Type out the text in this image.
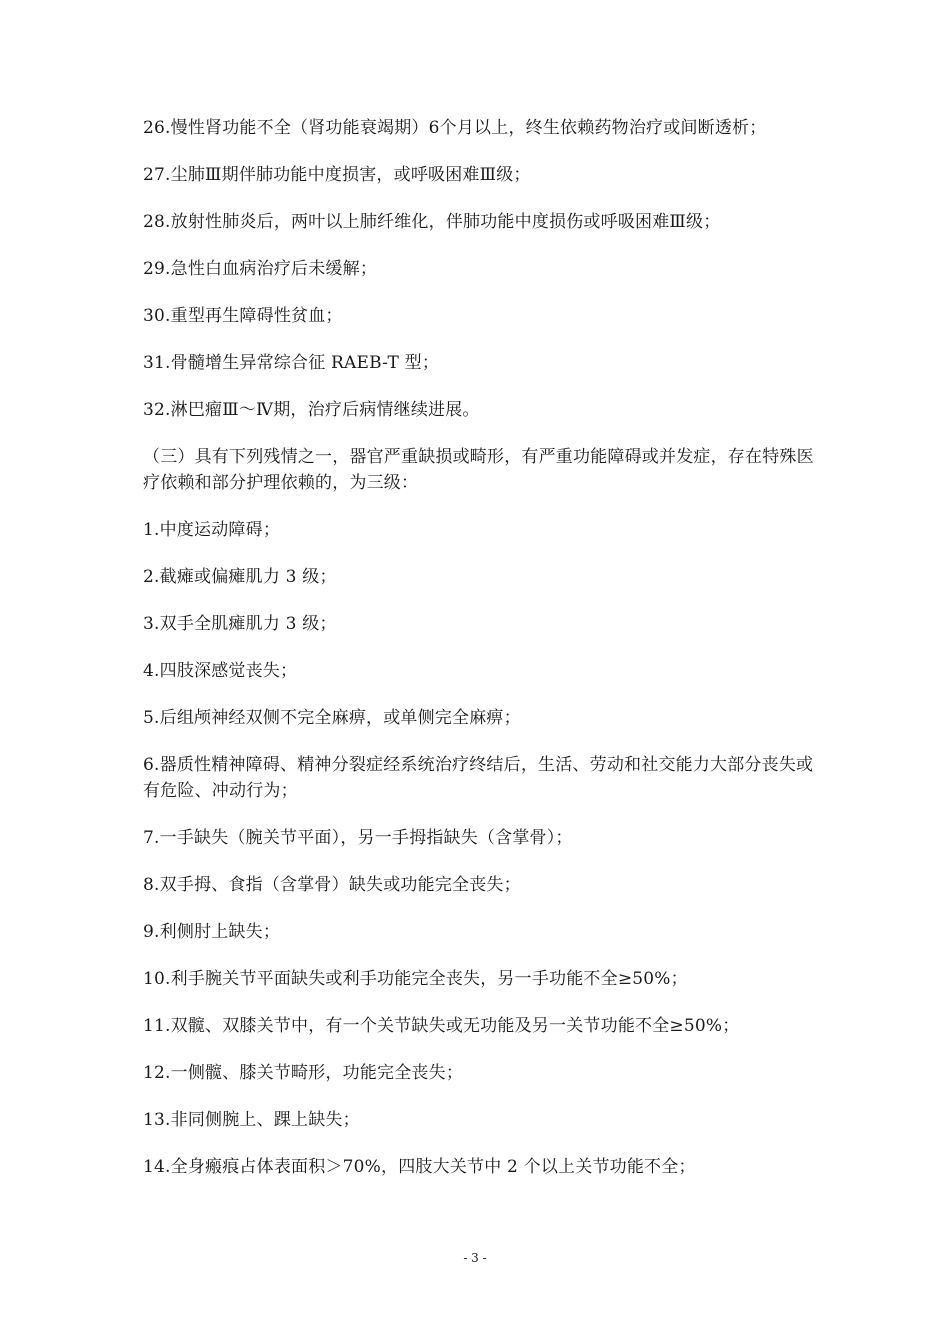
26.慢性肾功能不全（肾功能衰竭期）6个月以上，终生依赖药物治疗或间断透析；

27.尘肺Ⅲ期伴肺功能中度损害，或呼吸困难Ⅲ级；

28.放射性肺炎后，两叶以上肺纤维化，伴肺功能中度损伤或呼吸困难Ⅲ级；

29.急性白血病治疗后未缓解；

30.重型再生障碍性贫血；

31.骨髓增生异常综合征 RAEB-T 型；

32.淋巴瘤Ⅲ～Ⅳ期，治疗后病情继续进展。

（三）具有下列残情之一，器官严重缺损或畸形，有严重功能障碍或并发症，存在特殊医疗依赖和部分护理依赖的，为三级：

1.中度运动障碍；

2.截瘫或偏瘫肌力 3 级；

3.双手全肌瘫肌力 3 级；

4.四肢深感觉丧失；

5.后组颅神经双侧不完全麻痹，或单侧完全麻痹；

6.器质性精神障碍、精神分裂症经系统治疗终结后，生活、劳动和社交能力大部分丧失或有危险、冲动行为；

7.一手缺失（腕关节平面），另一手拇指缺失（含掌骨）；

8.双手拇、食指（含掌骨）缺失或功能完全丧失；

9.利侧肘上缺失；

10.利手腕关节平面缺失或利手功能完全丧失，另一手功能不全≥50%；

11.双髋、双膝关节中，有一个关节缺失或无功能及另一关节功能不全≥50%；

12.一侧髋、膝关节畸形，功能完全丧失；

13.非同侧腕上、踝上缺失；

14.全身瘢痕占体表面积＞70%，四肢大关节中 2 个以上关节功能不全；

- 3 -
